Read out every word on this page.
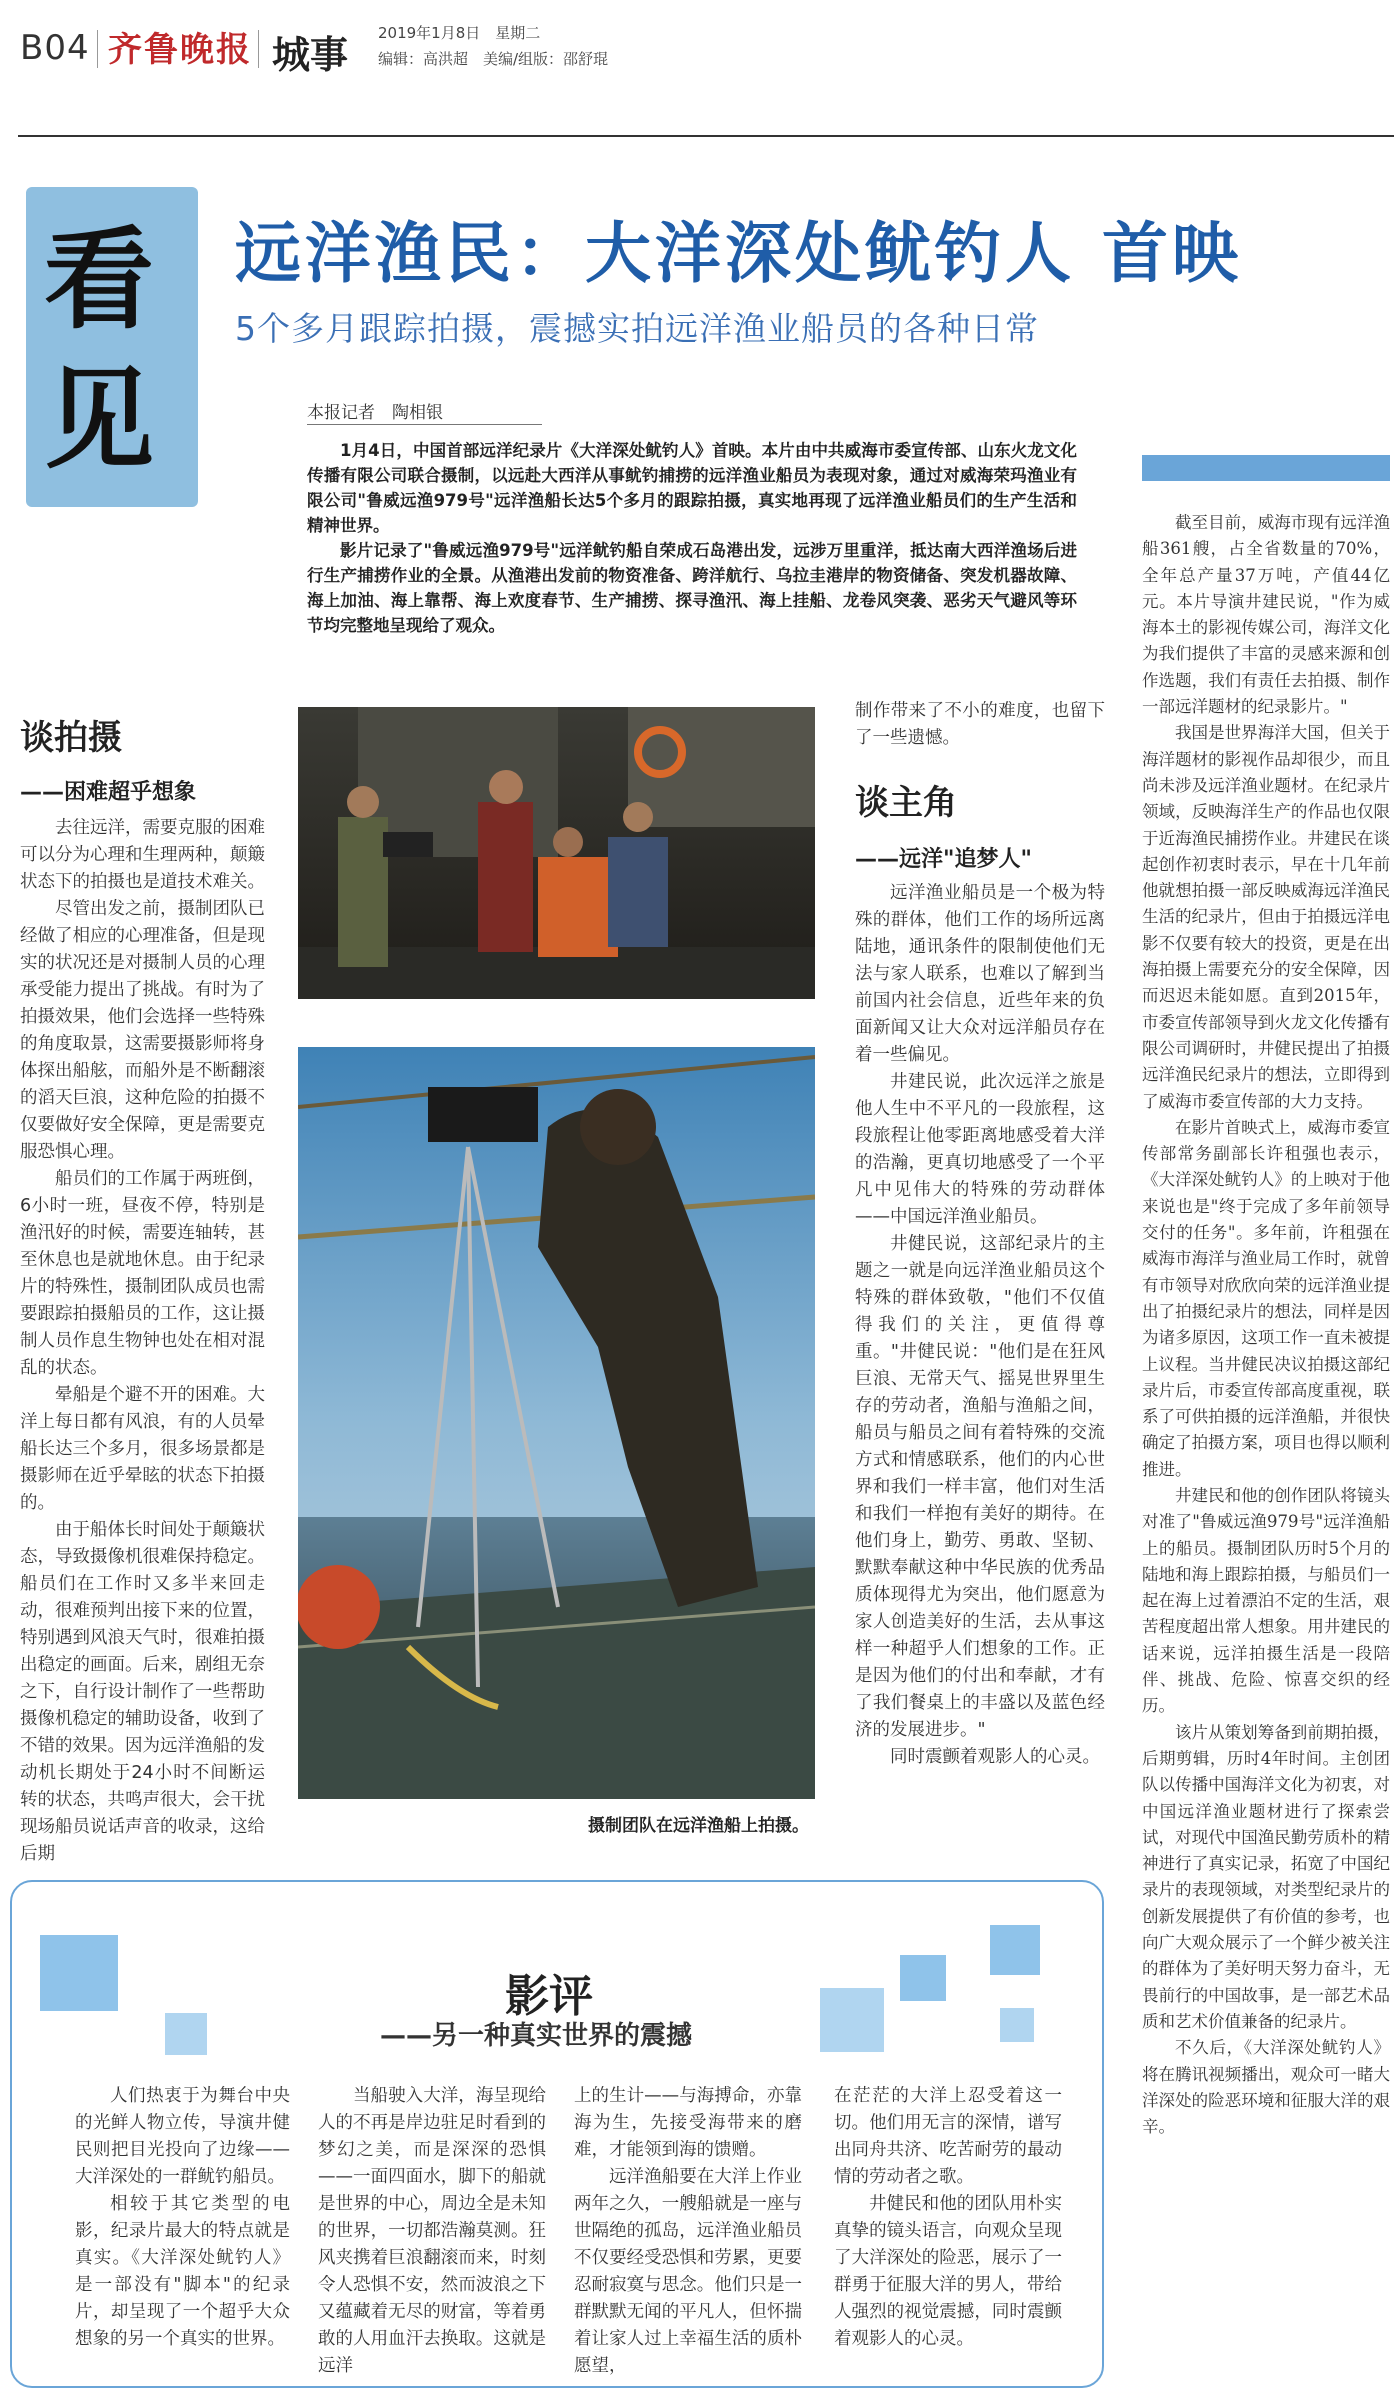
B04 齐鲁晚报 城事 2019年1月8日　星期二
编辑：高洪超　美编/组版：邵舒琨
看
见
远洋渔民：大洋深处鱿钓人 首映
5个多月跟踪拍摄，震撼实拍远洋渔业船员的各种日常
本报记者　陶相银

1月4日，中国首部远洋纪录片《大洋深处鱿钓人》首映。本片由中共威海市委宣传部、山东火龙文化传播有限公司联合摄制，以远赴大西洋从事鱿钓捕捞的远洋渔业船员为表现对象，通过对威海荣玛渔业有限公司"鲁威远渔979号"远洋渔船长达5个多月的跟踪拍摄，真实地再现了远洋渔业船员们的生产生活和精神世界。

影片记录了"鲁威远渔979号"远洋鱿钓船自荣成石岛港出发，远涉万里重洋，抵达南大西洋渔场后进行生产捕捞作业的全景。从渔港出发前的物资准备、跨洋航行、乌拉圭港岸的物资储备、突发机器故障、海上加油、海上靠帮、海上欢度春节、生产捕捞、探寻渔汛、海上挂船、龙卷风突袭、恶劣天气避风等环节均完整地呈现给了观众。

谈拍摄
——困难超乎想象

去往远洋，需要克服的困难可以分为心理和生理两种，颠簸状态下的拍摄也是道技术难关。

尽管出发之前，摄制团队已经做了相应的心理准备，但是现实的状况还是对摄制人员的心理承受能力提出了挑战。有时为了拍摄效果，他们会选择一些特殊的角度取景，这需要摄影师将身体探出船舷，而船外是不断翻滚的滔天巨浪，这种危险的拍摄不仅要做好安全保障，更是需要克服恐惧心理。

船员们的工作属于两班倒，6小时一班，昼夜不停，特别是渔汛好的时候，需要连轴转，甚至休息也是就地休息。由于纪录片的特殊性，摄制团队成员也需要跟踪拍摄船员的工作，这让摄制人员作息生物钟也处在相对混乱的状态。

晕船是个避不开的困难。大洋上每日都有风浪，有的人员晕船长达三个多月，很多场景都是摄影师在近乎晕眩的状态下拍摄的。

由于船体长时间处于颠簸状态，导致摄像机很难保持稳定。船员们在工作时又多半来回走动，很难预判出接下来的位置，特别遇到风浪天气时，很难拍摄出稳定的画面。后来，剧组无奈之下，自行设计制作了一些帮助摄像机稳定的辅助设备，收到了不错的效果。因为远洋渔船的发动机长期处于24小时不间断运转的状态，共鸣声很大，会干扰现场船员说话声音的收录，这给后期

摄制团队在远洋渔船上拍摄。
制作带来了不小的难度，也留下了一些遗憾。
谈主角
——远洋"追梦人"

远洋渔业船员是一个极为特殊的群体，他们工作的场所远离陆地，通讯条件的限制使他们无法与家人联系，也难以了解到当前国内社会信息，近些年来的负面新闻又让大众对远洋船员存在着一些偏见。

井建民说，此次远洋之旅是他人生中不平凡的一段旅程，这段旅程让他零距离地感受着大洋的浩瀚，更真切地感受了一个平凡中见伟大的特殊的劳动群体——中国远洋渔业船员。

井健民说，这部纪录片的主题之一就是向远洋渔业船员这个特殊的群体致敬，"他们不仅值得我们的关注，更值得尊重。"井健民说："他们是在狂风巨浪、无常天气、摇晃世界里生存的劳动者，渔船与渔船之间，船员与船员之间有着特殊的交流方式和情感联系，他们的内心世界和我们一样丰富，他们对生活和我们一样抱有美好的期待。在他们身上，勤劳、勇敢、坚韧、默默奉献这种中华民族的优秀品质体现得尤为突出，他们愿意为家人创造美好的生活，去从事这样一种超乎人们想象的工作。正是因为他们的付出和奉献，才有了我们餐桌上的丰盛以及蓝色经济的发展进步。"

同时震颤着观影人的心灵。

截至目前，威海市现有远洋渔船361艘，占全省数量的70%，全年总产量37万吨，产值44亿元。本片导演井建民说，"作为威海本土的影视传媒公司，海洋文化为我们提供了丰富的灵感来源和创作选题，我们有责任去拍摄、制作一部远洋题材的纪录影片。"

我国是世界海洋大国，但关于海洋题材的影视作品却很少，而且尚未涉及远洋渔业题材。在纪录片领域，反映海洋生产的作品也仅限于近海渔民捕捞作业。井建民在谈起创作初衷时表示，早在十几年前他就想拍摄一部反映威海远洋渔民生活的纪录片，但由于拍摄远洋电影不仅要有较大的投资，更是在出海拍摄上需要充分的安全保障，因而迟迟未能如愿。直到2015年，市委宣传部领导到火龙文化传播有限公司调研时，井健民提出了拍摄远洋渔民纪录片的想法，立即得到了威海市委宣传部的大力支持。

在影片首映式上，威海市委宣传部常务副部长许租强也表示，《大洋深处鱿钓人》的上映对于他来说也是"终于完成了多年前领导交付的任务"。多年前，许租强在威海市海洋与渔业局工作时，就曾有市领导对欣欣向荣的远洋渔业提出了拍摄纪录片的想法，同样是因为诸多原因，这项工作一直未被提上议程。当井健民决议拍摄这部纪录片后，市委宣传部高度重视，联系了可供拍摄的远洋渔船，并很快确定了拍摄方案，项目也得以顺利推进。

井建民和他的创作团队将镜头对准了"鲁威远渔979号"远洋渔船上的船员。摄制团队历时5个月的陆地和海上跟踪拍摄，与船员们一起在海上过着漂泊不定的生活，艰苦程度超出常人想象。用井建民的话来说，远洋拍摄生活是一段陪伴、挑战、危险、惊喜交织的经历。

该片从策划筹备到前期拍摄，后期剪辑，历时4年时间。主创团队以传播中国海洋文化为初衷，对中国远洋渔业题材进行了探索尝试，对现代中国渔民勤劳质朴的精神进行了真实记录，拓宽了中国纪录片的表现领域，对类型纪录片的创新发展提供了有价值的参考，也向广大观众展示了一个鲜少被关注的群体为了美好明天努力奋斗，无畏前行的中国故事，是一部艺术品质和艺术价值兼备的纪录片。

不久后，《大洋深处鱿钓人》将在腾讯视频播出，观众可一睹大洋深处的险恶环境和征服大洋的艰辛。

影评
——另一种真实世界的震撼

人们热衷于为舞台中央的光鲜人物立传，导演井健民则把目光投向了边缘——大洋深处的一群鱿钓船员。

相较于其它类型的电影，纪录片最大的特点就是真实。《大洋深处鱿钓人》是一部没有"脚本"的纪录片，却呈现了一个超乎大众想象的另一个真实的世界。

当船驶入大洋，海呈现给人的不再是岸边驻足时看到的梦幻之美，而是深深的恐惧——一面四面水，脚下的船就是世界的中心，周边全是未知的世界，一切都浩瀚莫测。狂风夹携着巨浪翻滚而来，时刻令人恐惧不安，然而波浪之下又蕴藏着无尽的财富，等着勇敢的人用血汗去换取。这就是远洋

上的生计——与海搏命，亦靠海为生，先接受海带来的磨难，才能领到海的馈赠。

远洋渔船要在大洋上作业两年之久，一艘船就是一座与世隔绝的孤岛，远洋渔业船员不仅要经受恐惧和劳累，更要忍耐寂寞与思念。他们只是一群默默无闻的平凡人，但怀揣着让家人过上幸福生活的质朴愿望，

在茫茫的大洋上忍受着这一切。他们用无言的深情，谱写出同舟共济、吃苦耐劳的最动情的劳动者之歌。

井健民和他的团队用朴实真挚的镜头语言，向观众呈现了大洋深处的险恶，展示了一群勇于征服大洋的男人，带给人强烈的视觉震撼，同时震颤着观影人的心灵。
